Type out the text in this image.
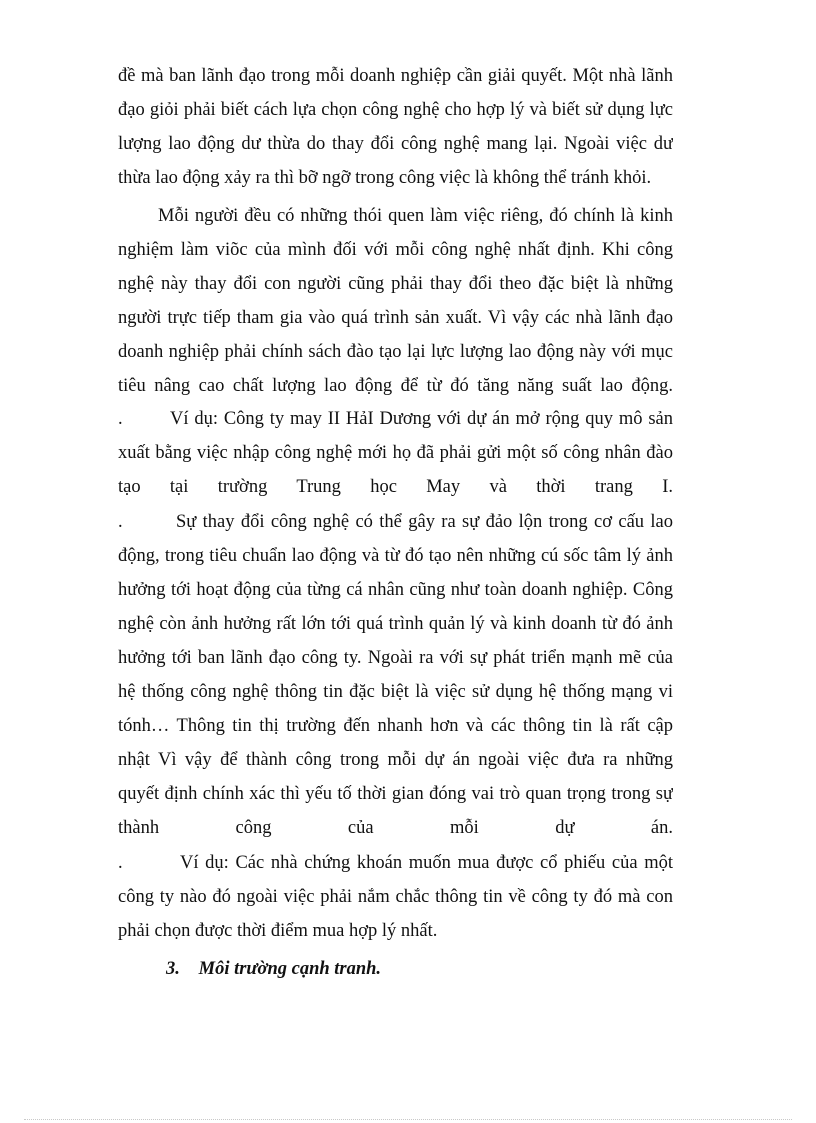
đề mà ban lãnh đạo trong mỗi doanh nghiệp cần giải quyết. Một nhà lãnh
đạo giỏi phải biết cách lựa chọn công nghệ cho hợp lý và biết sử dụng lực
lượng lao động dư thừa do thay đổi công nghệ mang lại. Ngoài việc dư
thừa lao động xảy ra thì bỡ ngỡ trong công việc là không thể tránh khỏi.
Mỗi người đều có những thói quen làm việc riêng, đó chính là kinh
nghiệm làm viõc của mình đối với mỗi công nghệ nhất định. Khi công
nghệ này thay đổi con người cũng phải thay đổi theo đặc biệt là những
người trực tiếp tham gia vào quá trình sản xuất. Vì vậy các nhà lãnh đạo
doanh nghiệp phải chính sách đào tạo lại lực lượng lao động này với mục
tiêu nâng cao chất lượng lao động để từ đó tăng năng suất lao động.
.	Ví dụ: Công ty may II HảI Dương với dự án mở rộng quy mô sản
xuất bằng việc nhập công nghệ mới họ đã phải gửi một số công nhân đào
tạo tại trường Trung học May và thời trang I.
.	Sự thay đổi công nghệ có thể gây ra sự đảo lộn trong cơ cấu lao
động, trong tiêu chuẩn lao động và từ đó tạo nên những cú sốc tâm lý ảnh
hưởng tới hoạt động của từng cá nhân cũng như toàn doanh nghiệp. Công
nghệ còn ảnh hưởng rất lớn tới quá trình quản lý và kinh doanh từ đó ảnh
hưởng tới ban lãnh đạo công ty. Ngoài ra với sự phát triển mạnh mẽ của
hệ thống công nghệ thông tin đặc biệt là việc sử dụng hệ thống mạng vi
tónh… Thông tin thị trường đến nhanh hơn và các thông tin là rất cập
nhật Vì vậy để thành công trong mỗi dự án ngoài việc đưa ra những
quyết định chính xác thì yếu tố thời gian đóng vai trò quan trọng trong sự
thành công của mỗi dự án.
.	Ví dụ: Các nhà chứng khoán muốn mua được cổ phiếu của một
công ty nào đó ngoài việc phải nắm chắc thông tin về công ty đó mà con
phải chọn được thời điểm mua hợp lý nhất.
3. Môi trường cạnh tranh.
